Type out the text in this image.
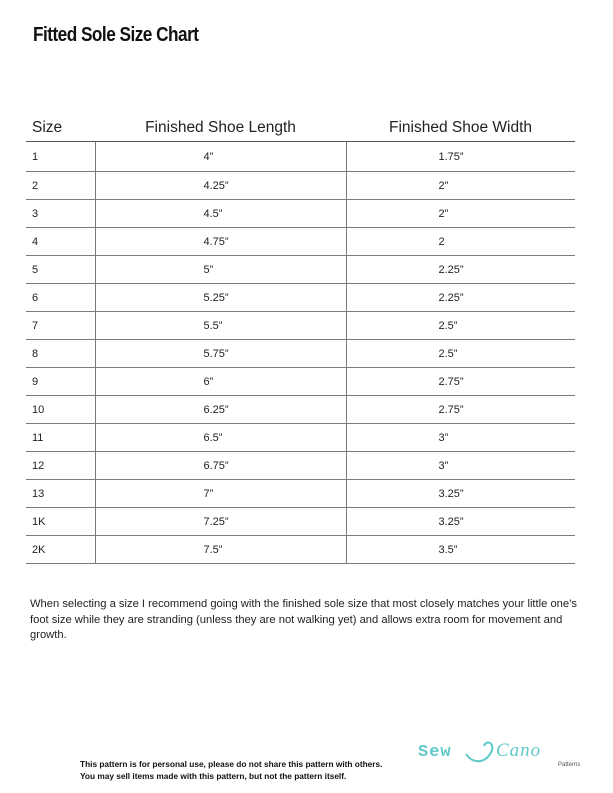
Fitted Sole Size Chart
Size	Finished Shoe Length	Finished Shoe Width
1	4”	1.75”
2	4.25”	2”
3	4.5”	2”
4	4.75”	2
5	5”	2.25”
6	5.25”	2.25”
7	5.5”	2.5”
8	5.75”	2.5”
9	6”	2.75”
10	6.25”	2.75”
11	6.5”	3”
12	6.75”	3”
13	7”	3.25”
1K	7.25”	3.25”
2K	7.5”	3.5”
When selecting a size I recommend going with the finished sole size that most closely matches your little one’s foot size while they are stranding (unless they are not walking yet) and allows extra room for movement and growth.
This pattern is for personal use, please do not share this pattern with others.
You may sell items made with this pattern, but not the pattern itself.
Sew Cano
Patterns
